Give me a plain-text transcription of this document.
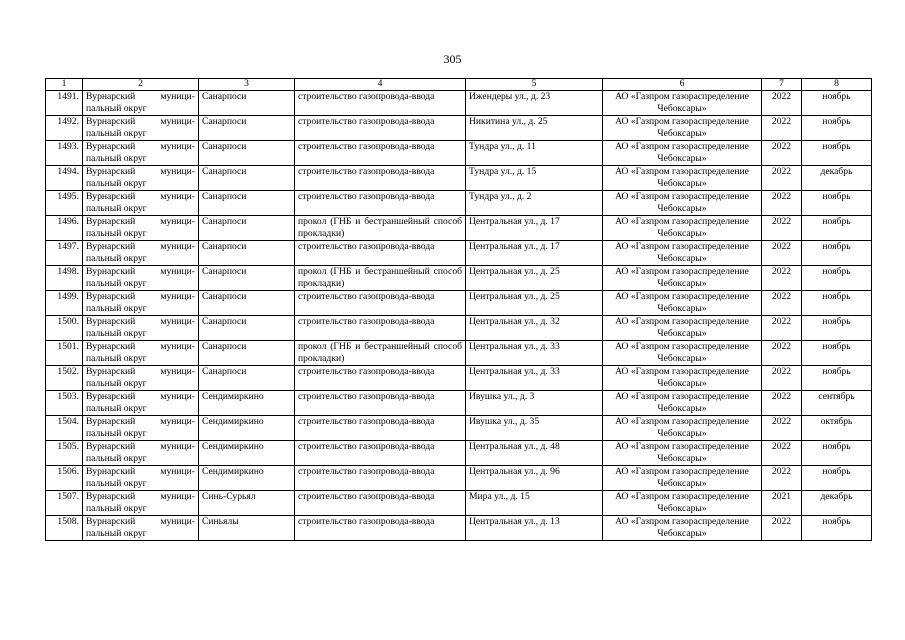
305
1	2	3	4	5	6	7	8
1491.	Вурнарский муници-пальный округ	Санарпоси	строительство газопровода-ввода	Ижендеры ул., д. 23	АО «Газпром газораспределение Чебоксары»	2022	ноябрь
1492.	Вурнарский муници-пальный округ	Санарпоси	строительство газопровода-ввода	Никитина ул., д. 25	АО «Газпром газораспределение Чебоксары»	2022	ноябрь
1493.	Вурнарский муници-пальный округ	Санарпоси	строительство газопровода-ввода	Тундра ул., д. 11	АО «Газпром газораспределение Чебоксары»	2022	ноябрь
1494.	Вурнарский муници-пальный округ	Санарпоси	строительство газопровода-ввода	Тундра ул., д. 15	АО «Газпром газораспределение Чебоксары»	2022	декабрь
1495.	Вурнарский муници-пальный округ	Санарпоси	строительство газопровода-ввода	Тундра ул., д. 2	АО «Газпром газораспределение Чебоксары»	2022	ноябрь
1496.	Вурнарский муници-пальный округ	Санарпоси	прокол (ГНБ и бестраншейный способ прокладки)	Центральная ул., д. 17	АО «Газпром газораспределение Чебоксары»	2022	ноябрь
1497.	Вурнарский муници-пальный округ	Санарпоси	строительство газопровода-ввода	Центральная ул., д. 17	АО «Газпром газораспределение Чебоксары»	2022	ноябрь
1498.	Вурнарский муници-пальный округ	Санарпоси	прокол (ГНБ и бестраншейный способ прокладки)	Центральная ул., д. 25	АО «Газпром газораспределение Чебоксары»	2022	ноябрь
1499.	Вурнарский муници-пальный округ	Санарпоси	строительство газопровода-ввода	Центральная ул., д. 25	АО «Газпром газораспределение Чебоксары»	2022	ноябрь
1500.	Вурнарский муници-пальный округ	Санарпоси	строительство газопровода-ввода	Центральная ул., д. 32	АО «Газпром газораспределение Чебоксары»	2022	ноябрь
1501.	Вурнарский муници-пальный округ	Санарпоси	прокол (ГНБ и бестраншейный способ прокладки)	Центральная ул., д. 33	АО «Газпром газораспределение Чебоксары»	2022	ноябрь
1502.	Вурнарский муници-пальный округ	Санарпоси	строительство газопровода-ввода	Центральная ул., д. 33	АО «Газпром газораспределение Чебоксары»	2022	ноябрь
1503.	Вурнарский муници-пальный округ	Сендимиркино	строительство газопровода-ввода	Ивушка ул., д. 3	АО «Газпром газораспределение Чебоксары»	2022	сентябрь
1504.	Вурнарский муници-пальный округ	Сендимиркино	строительство газопровода-ввода	Ивушка ул., д. 35	АО «Газпром газораспределение Чебоксары»	2022	октябрь
1505.	Вурнарский муници-пальный округ	Сендимиркино	строительство газопровода-ввода	Центральная ул., д. 48	АО «Газпром газораспределение Чебоксары»	2022	ноябрь
1506.	Вурнарский муници-пальный округ	Сендимиркино	строительство газопровода-ввода	Центральная ул., д. 96	АО «Газпром газораспределение Чебоксары»	2022	ноябрь
1507.	Вурнарский муници-пальный округ	Синь-Сурьял	строительство газопровода-ввода	Мира ул., д. 15	АО «Газпром газораспределение Чебоксары»	2021	декабрь
1508.	Вурнарский муници-пальный округ	Синьялы	строительство газопровода-ввода	Центральная ул., д. 13	АО «Газпром газораспределение Чебоксары»	2022	ноябрь
